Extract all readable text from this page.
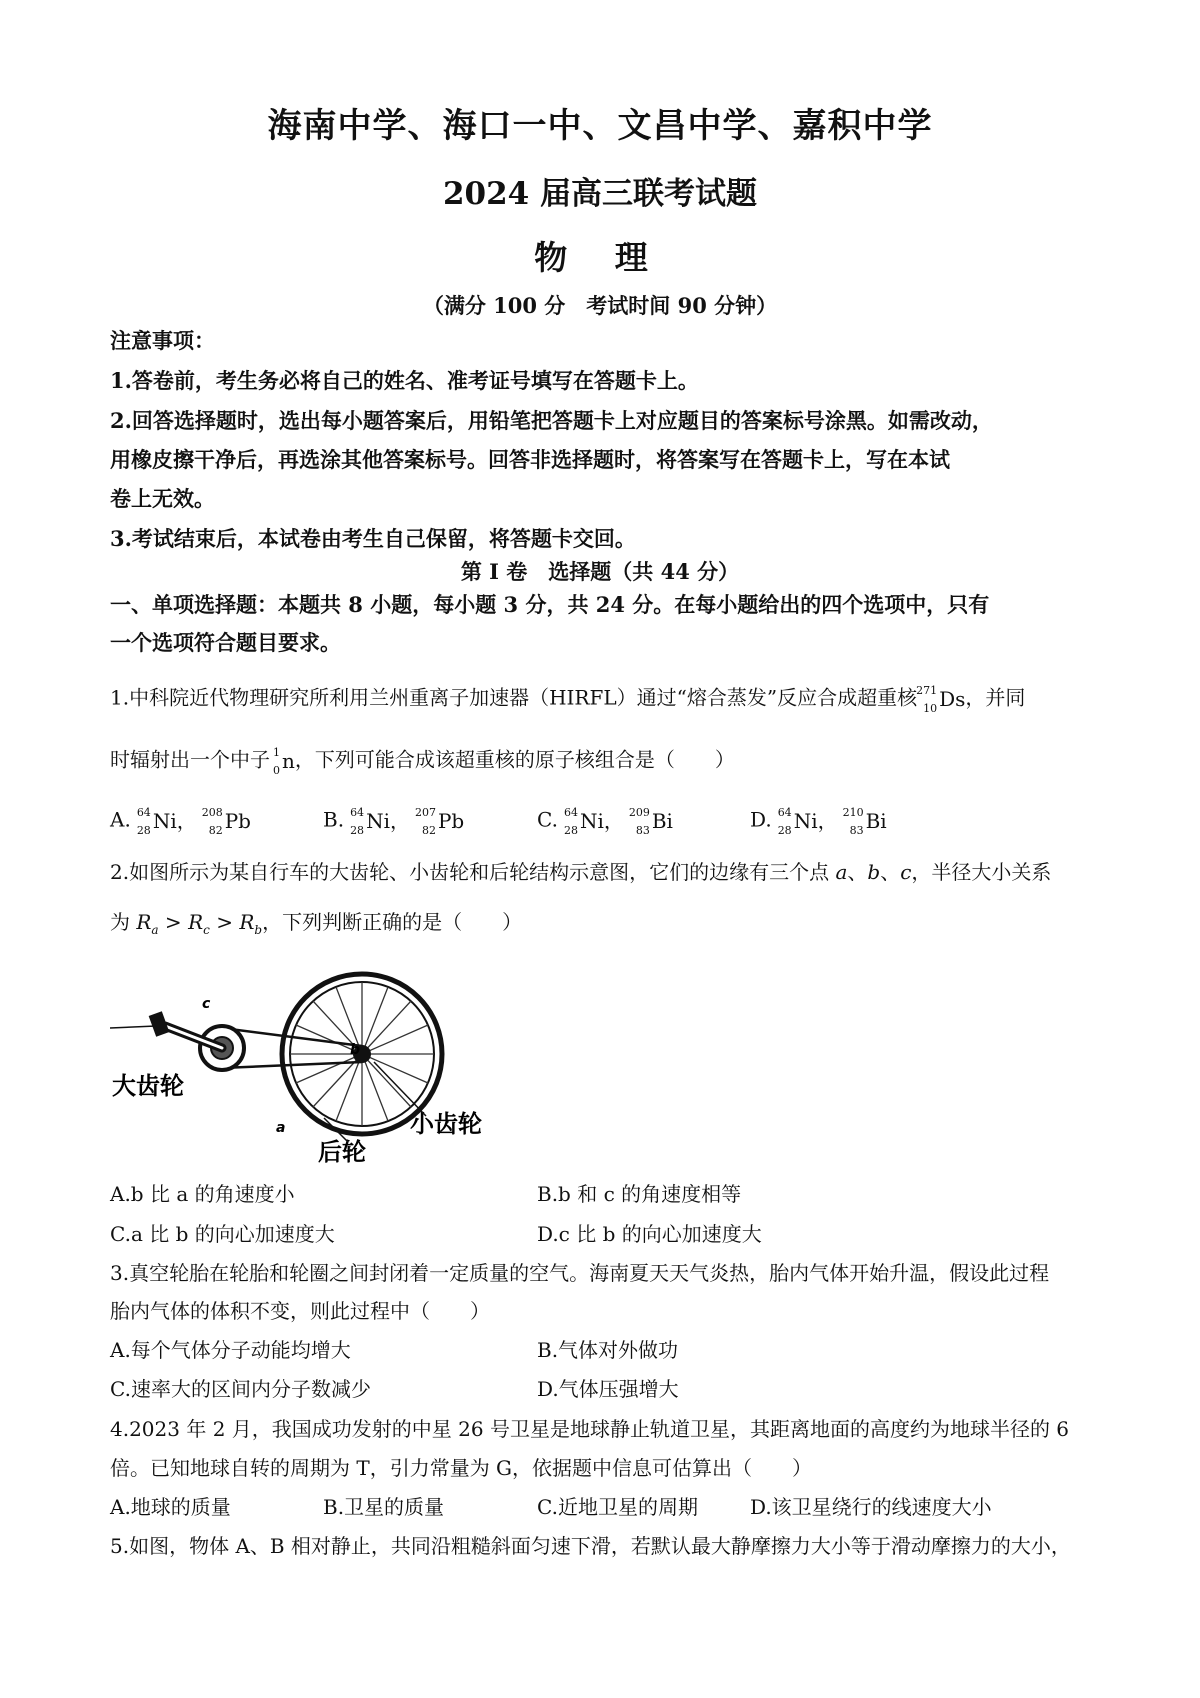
海南中学、海口一中、文昌中学、嘉积中学
2024 届高三联考试题
物 理
（满分 100 分　考试时间 90 分钟）
注意事项：
1.答卷前，考生务必将自己的姓名、准考证号填写在答题卡上。
2.回答选择题时，选出每小题答案后，用铅笔把答题卡上对应题目的答案标号涂黑。如需改动，
用橡皮擦干净后，再选涂其他答案标号。回答非选择题时，将答案写在答题卡上，写在本试
卷上无效。
3.考试结束后，本试卷由考生自己保留，将答题卡交回。
第 I 卷　选择题（共 44 分）
一、单项选择题：本题共 8 小题，每小题 3 分，共 24 分。在每小题给出的四个选项中，只有
一个选项符合题目要求。
1.中科院近代物理研究所利用兰州重离子加速器（HIRFL）通过“熔合蒸发”反应合成超重核 271
10 Ds，并同
时辐射出一个中子 1
0 n，下列可能合成该超重核的原子核组合是（　　）
A. 64
28 Ni， 208
82 Pb	B. 64
28 Ni， 207
82 Pb	C. 64
28 Ni， 209
83 Bi	D. 64
28 Ni， 210
83 Bi
2.如图所示为某自行车的大齿轮、小齿轮和后轮结构示意图，它们的边缘有三个点 a、b、c，半径大小关系
为 $R_a > R_c > R_b$，下列判断正确的是（　　）
c
b
a
大齿轮
小齿轮
后轮
A.b 比 a 的角速度小	B.b 和 c 的角速度相等
C.a 比 b 的向心加速度大	D.c 比 b 的向心加速度大
3.真空轮胎在轮胎和轮圈之间封闭着一定质量的空气。海南夏天天气炎热，胎内气体开始升温，假设此过程
胎内气体的体积不变，则此过程中（　　）
A.每个气体分子动能均增大	B.气体对外做功
C.速率大的区间内分子数减少	D.气体压强增大
4.2023 年 2 月，我国成功发射的中星 26 号卫星是地球静止轨道卫星，其距离地面的高度约为地球半径的 6
倍。已知地球自转的周期为 T，引力常量为 G，依据题中信息可估算出（　　）
A.地球的质量	B.卫星的质量	C.近地卫星的周期	D.该卫星绕行的线速度大小
5.如图，物体 A、B 相对静止，共同沿粗糙斜面匀速下滑，若默认最大静摩擦力大小等于滑动摩擦力的大小，
